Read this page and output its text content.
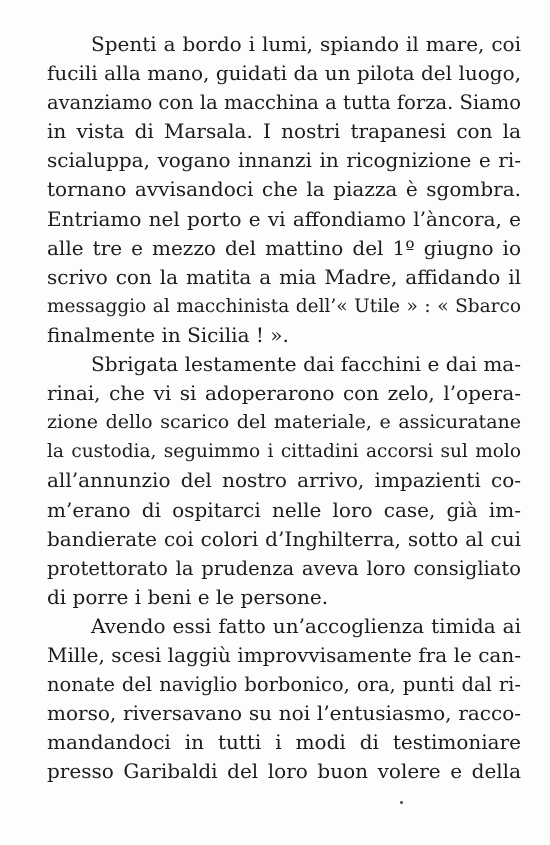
Spenti a bordo i lumi, spiando il mare, coi
fucili alla mano, guidati da un pilota del luogo,
avanziamo con la macchina a tutta forza. Siamo
in vista di Marsala. I nostri trapanesi con la
scialuppa, vogano innanzi in ricognizione e ri-
tornano avvisandoci che la piazza è sgombra.
Entriamo nel porto e vi affondiamo l’àncora, e
alle tre e mezzo del mattino del 1º giugno io
scrivo con la matita a mia Madre, affidando il
messaggio al macchinista dell’« Utile » : « Sbarco
finalmente in Sicilia ! ».
Sbrigata lestamente dai facchini e dai ma-
rinai, che vi si adoperarono con zelo, l’opera-
zione dello scarico del materiale, e assicuratane
la custodia, seguimmo i cittadini accorsi sul molo
all’annunzio del nostro arrivo, impazienti co-
m’erano di ospitarci nelle loro case, già im-
bandierate coi colori d’Inghilterra, sotto al cui
protettorato la prudenza aveva loro consigliato
di porre i beni e le persone.
Avendo essi fatto un’accoglienza timida ai
Mille, scesi laggiù improvvisamente fra le can-
nonate del naviglio borbonico, ora, punti dal ri-
morso, riversavano su noi l’entusiasmo, racco-
mandandoci in tutti i modi di testimoniare
presso Garibaldi del loro buon volere e della
